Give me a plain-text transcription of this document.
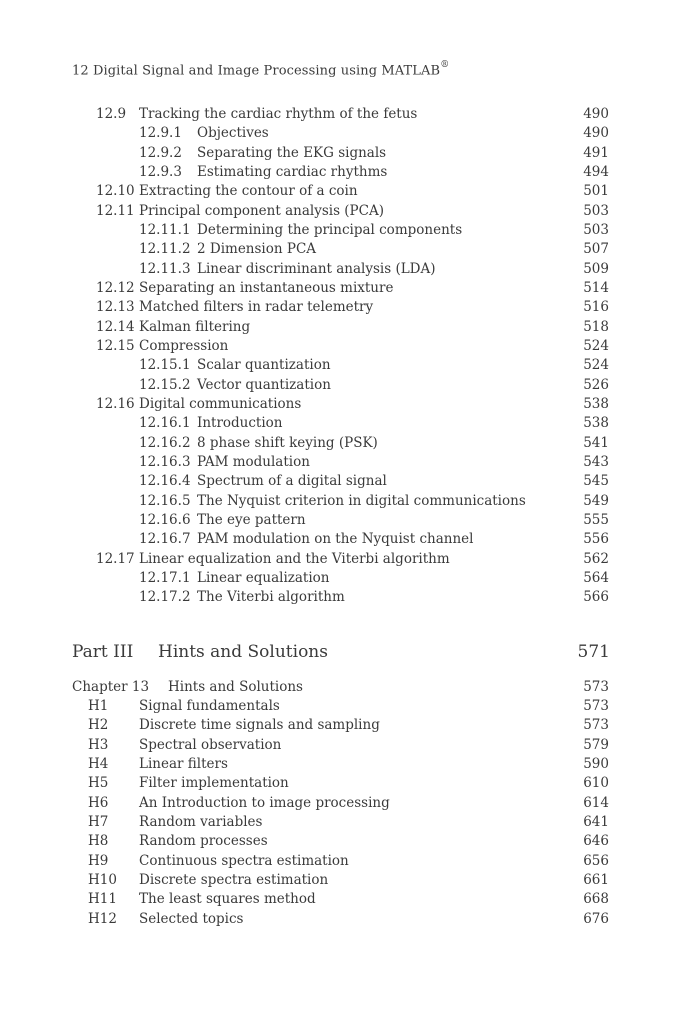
12 Digital Signal and Image Processing using MATLAB®
12.9 Tracking the cardiac rhythm of the fetus	490
12.9.1 Objectives	490
12.9.2 Separating the EKG signals	491
12.9.3 Estimating cardiac rhythms	494
12.10 Extracting the contour of a coin	501
12.11 Principal component analysis (PCA)	503
12.11.1 Determining the principal components	503
12.11.2 2 Dimension PCA	507
12.11.3 Linear discriminant analysis (LDA)	509
12.12 Separating an instantaneous mixture	514
12.13 Matched filters in radar telemetry	516
12.14 Kalman filtering	518
12.15 Compression	524
12.15.1 Scalar quantization	524
12.15.2 Vector quantization	526
12.16 Digital communications	538
12.16.1 Introduction	538
12.16.2 8 phase shift keying (PSK)	541
12.16.3 PAM modulation	543
12.16.4 Spectrum of a digital signal	545
12.16.5 The Nyquist criterion in digital communications	549
12.16.6 The eye pattern	555
12.16.7 PAM modulation on the Nyquist channel	556
12.17 Linear equalization and the Viterbi algorithm	562
12.17.1 Linear equalization	564
12.17.2 The Viterbi algorithm	566
Chapter 13 Hints and Solutions	573
H1 Signal fundamentals	573
H2 Discrete time signals and sampling	573
H3 Spectral observation	579
H4 Linear filters	590
H5 Filter implementation	610
H6 An Introduction to image processing	614
H7 Random variables	641
H8 Random processes	646
H9 Continuous spectra estimation	656
H10 Discrete spectra estimation	661
H11 The least squares method	668
H12 Selected topics	676
Part III Hints and Solutions	571
